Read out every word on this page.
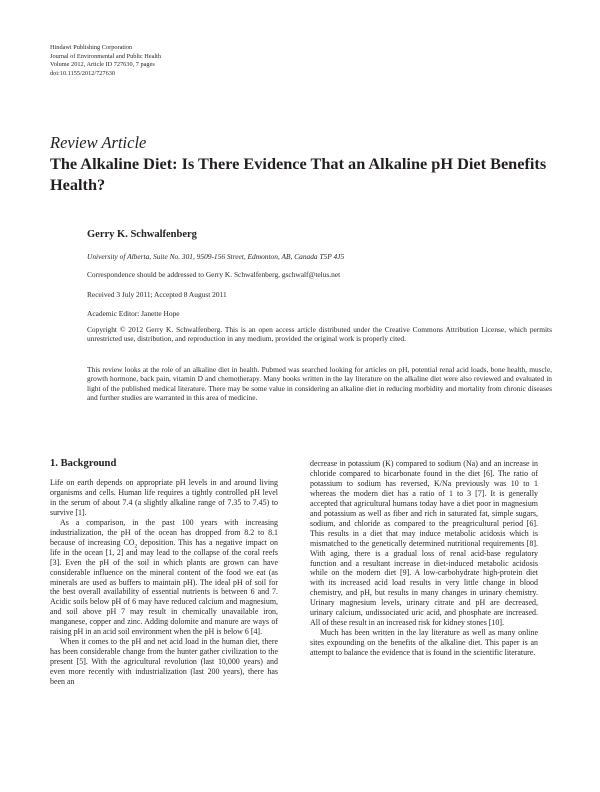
Hindawi Publishing Corporation
Journal of Environmental and Public Health
Volume 2012, Article ID 727630, 7 pages
doi:10.1155/2012/727630
Review Article
The Alkaline Diet: Is There Evidence That an Alkaline pH Diet Benefits Health?
Gerry K. Schwalfenberg
University of Alberta, Suite No. 301, 9509-156 Street, Edmonton, AB, Canada T5P 4J5
Correspondence should be addressed to Gerry K. Schwalfenberg, gschwalf@telus.net
Received 3 July 2011; Accepted 8 August 2011
Academic Editor: Janette Hope
Copyright © 2012 Gerry K. Schwalfenberg. This is an open access article distributed under the Creative Commons Attribution License, which permits unrestricted use, distribution, and reproduction in any medium, provided the original work is properly cited.
This review looks at the role of an alkaline diet in health. Pubmed was searched looking for articles on pH, potential renal acid loads, bone health, muscle, growth hormone, back pain, vitamin D and chemotherapy. Many books written in the lay literature on the alkaline diet were also reviewed and evaluated in light of the published medical literature. There may be some value in considering an alkaline diet in reducing morbidity and mortality from chronic diseases and further studies are warranted in this area of medicine.
1. Background

Life on earth depends on appropriate pH levels in and around living organisms and cells. Human life requires a tightly controlled pH level in the serum of about 7.4 (a slightly alkaline range of 7.35 to 7.45) to survive [1].

As a comparison, in the past 100 years with increasing industrialization, the pH of the ocean has dropped from 8.2 to 8.1 because of increasing $CO_2$ deposition. This has a negative impact on life in the ocean [1, 2] and may lead to the collapse of the coral reefs [3]. Even the pH of the soil in which plants are grown can have considerable influence on the mineral content of the food we eat (as minerals are used as buffers to maintain pH). The ideal pH of soil for the best overall availability of essential nutrients is between 6 and 7. Acidic soils below pH of 6 may have reduced calcium and magnesium, and soil above pH 7 may result in chemically unavailable iron, manganese, copper and zinc. Adding dolomite and manure are ways of raising pH in an acid soil environment when the pH is below 6 [4].

When it comes to the pH and net acid load in the human diet, there has been considerable change from the hunter gather civilization to the present [5]. With the agricultural revolution (last 10,000 years) and even more recently with industrialization (last 200 years), there has been an

decrease in potassium (K) compared to sodium (Na) and an increase in chloride compared to bicarbonate found in the diet [6]. The ratio of potassium to sodium has reversed, K/Na previously was 10 to 1 whereas the modern diet has a ratio of 1 to 3 [7]. It is generally accepted that agricultural humans today have a diet poor in magnesium and potassium as well as fiber and rich in saturated fat, simple sugars, sodium, and chloride as compared to the preagricultural period [6]. This results in a diet that may induce metabolic acidosis which is mismatched to the genetically determined nutritional requirements [8]. With aging, there is a gradual loss of renal acid-base regulatory function and a resultant increase in diet-induced metabolic acidosis while on the modern diet [9]. A low-carbohydrate high-protein diet with its increased acid load results in very little change in blood chemistry, and pH, but results in many changes in urinary chemistry. Urinary magnesium levels, urinary citrate and pH are decreased, urinary calcium, undissociated uric acid, and phosphate are increased. All of these result in an increased risk for kidney stones [10].

Much has been written in the lay literature as well as many online sites expounding on the benefits of the alkaline diet. This paper is an attempt to balance the evidence that is found in the scientific literature.
